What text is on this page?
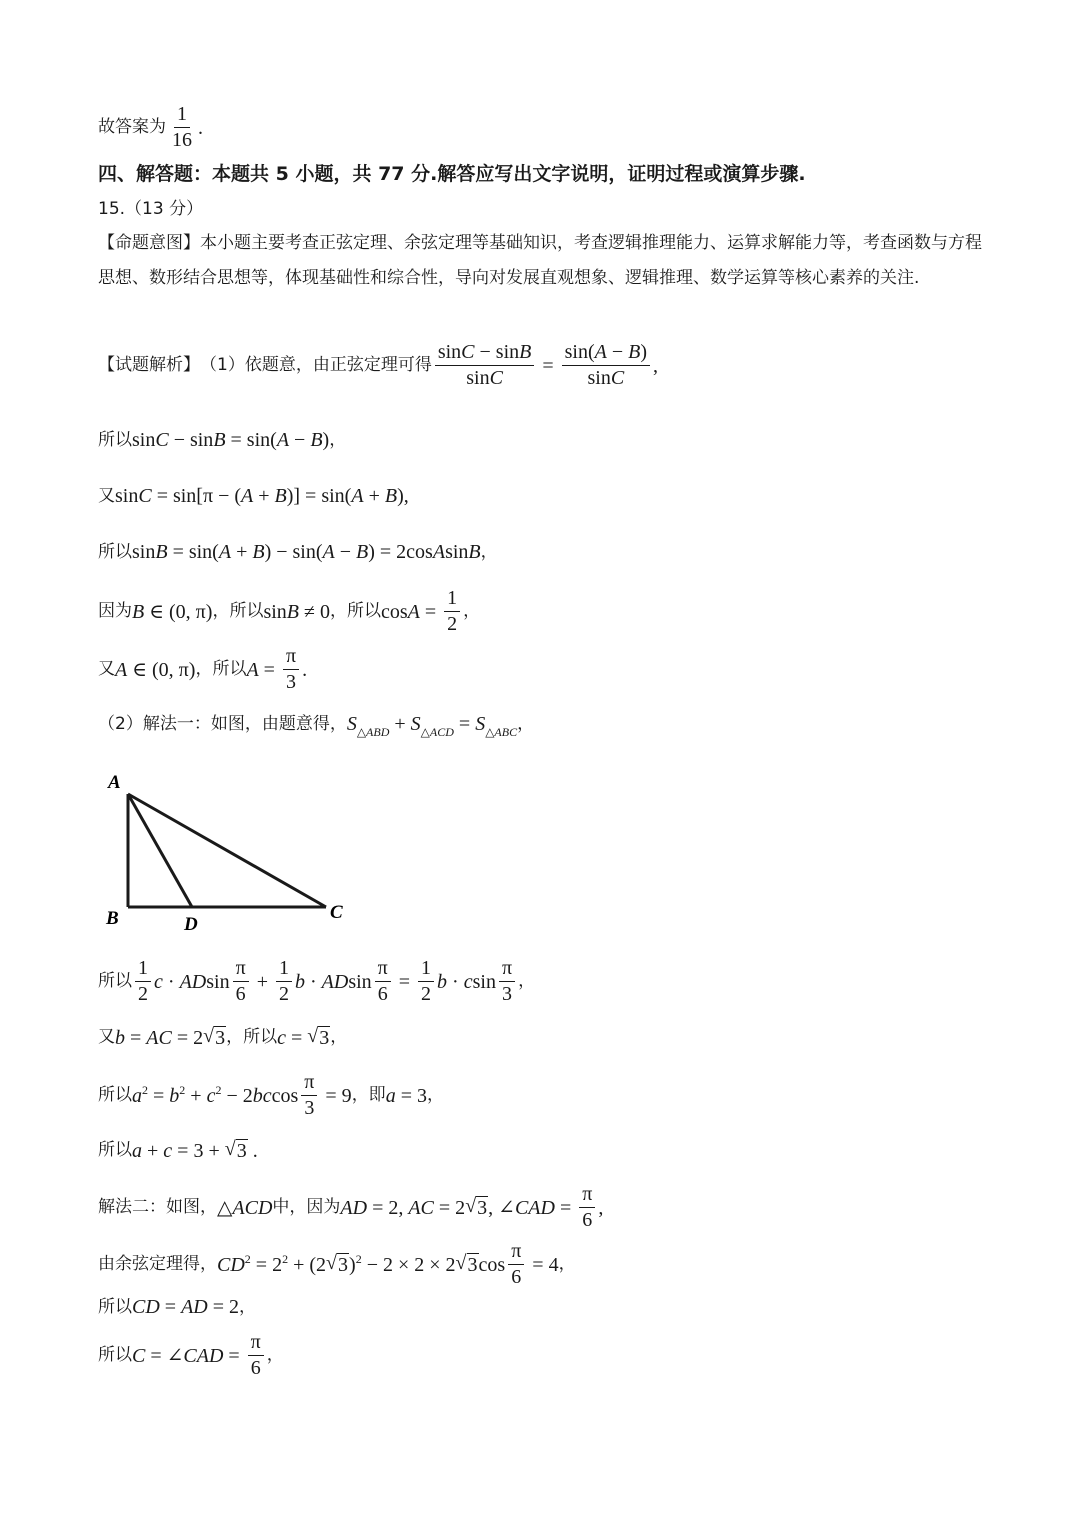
故答案为 $\frac{1}{16}$ .
四、解答题：本题共 5 小题，共 77 分.解答应写出文字说明，证明过程或演算步骤.
15.（13 分）
【命题意图】本小题主要考查正弦定理、余弦定理等基础知识，考查逻辑推理能力、运算求解能力等，考查函数与方程思想、数形结合思想等，体现基础性和综合性，导向对发展直观想象、逻辑推理、数学运算等核心素养的关注.
【试题解析】 （1）依题意，由正弦定理可得 $\frac{\sin C - \sin B}{\sin C} = \frac{\sin(A - B)}{\sin C}$ ,
所以 sinC − sinB = sin(A − B) ，
又 sinC = sin[π − (A + B)] = sin(A + B),
所以 sinB = sin(A + B) − sin(A − B) = 2cosAsinB ，
因为 B ∈ (0, π) ，所以 sinB ≠ 0 ，所以 $\cos A = \frac{1}{2}$ ，
又 A ∈ (0, π) ，所以 $A = \frac{\pi}{3}$ .
（2）解法一：如图，由题意得， $S_{\triangle ABD} + S_{\triangle ACD} = S_{\triangle ABC}$ ，
A
B	D
C
所以 $\frac{1}{2}$ c · ADsin $\frac{\pi}{6} + \frac{1}{2}$ b · ADsin $\frac{\pi}{6} = \frac{1}{2}$ b · csin $\frac{\pi}{3}$ ，
又 b = AC = 2 √ 3 ，所以 c = √ 3 ，
所以 $a^2 = b^2 + c^2 - 2bccos \frac{\pi}{3} = 9$ ，即 a = 3 ，
所以 a + c = 3 + √ 3 .
解法二：如图， △ACD 中，因为 AD = 2, AC = 2 √ 3 , ∠CAD = $\frac{\pi}{6}$ ,
由余弦定理得， $CD^2 = 2^2 + (2$ √ 3 )$^2$ − 2 × 2 × 2 √ 3 $\cos \frac{\pi}{6} = 4$ ，
所以 CD = AD = 2 ，
所以 C = ∠CAD = $\frac{\pi}{6}$ ，
